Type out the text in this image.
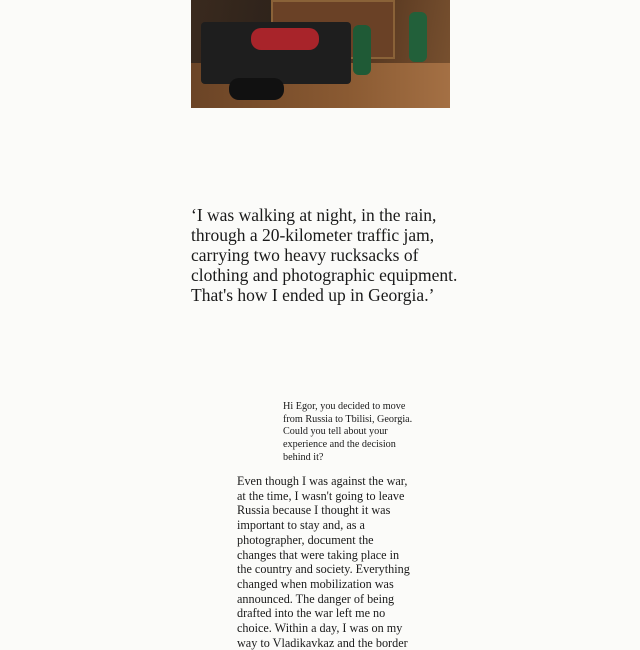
‘I was walking at night, in the rain, through a 20-kilometer traffic jam, carrying two heavy rucksacks of clothing and photographic equipment. That's how I ended up in Georgia.’
Hi Egor, you decided to move from Russia to Tbilisi, Georgia. Could you tell about your experience and the decision behind it?
Even though I was against the war, at the time, I wasn't going to leave Russia because I thought it was important to stay and, as a photographer, document the changes that were taking place in the country and society. Everything changed when mobilization was announced. The danger of being drafted into the war left me no choice. Within a day, I was on my way to Vladikavkaz and the border
